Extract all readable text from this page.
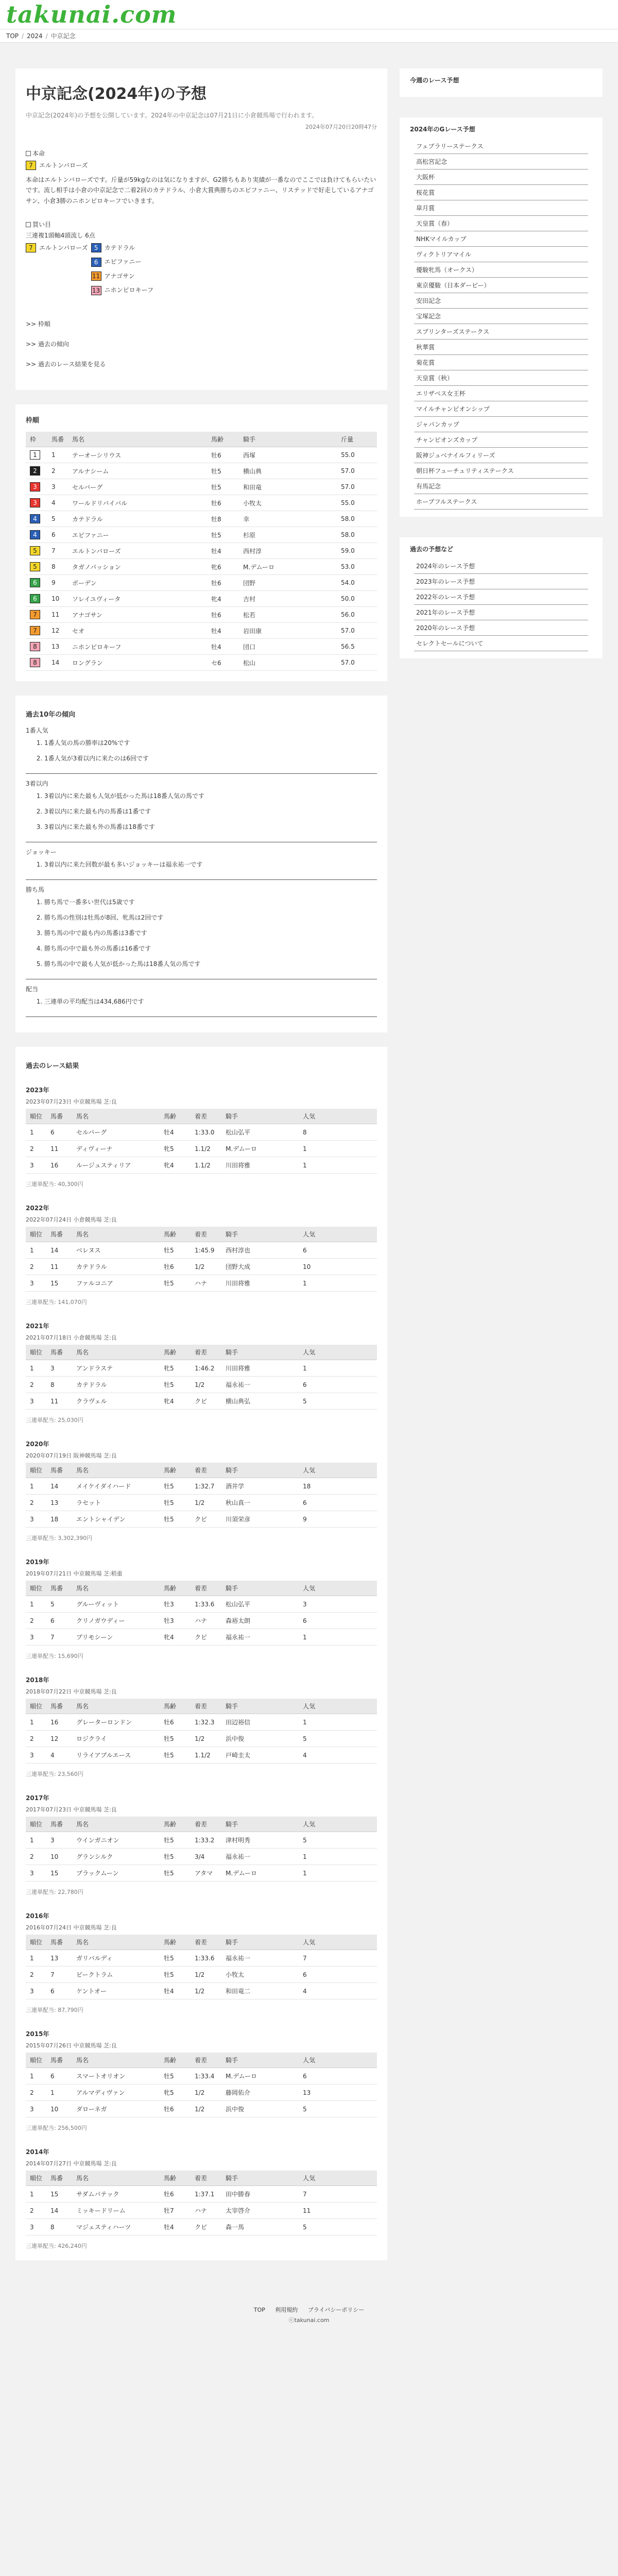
takunai.com
TOP / 2024 / 中京記念
中京記念(2024年)の予想

中京記念(2024年)の予想を公開しています。2024年の中京記念は07月21日に小倉競馬場で行われます。

2024年07月20日20時47分

本命
7 エルトンバローズ

本命はエルトンバローズです。斤量が59kgなのは気になりますが、G2勝ちもあり実績が一番なのでここでは負けてもらいたいです。流し相手は小倉の中京記念で二着2回のカテドラル、小倉大賞典勝ちのエピファニー、リステッドで好走しているアナゴサン、小倉3勝のニホンピロキーフでいきます。

買い目
三連複1頭軸4頭流し 6点
7 エルトンバローズ	5 カテドラル
6 エピファニー
11 アナゴサン
13 ニホンピロキーフ
>> 枠順
>> 過去の傾向
>> 過去のレース結果を見る
枠順
枠	馬番	馬名	馬齢	騎手	斤量
1	1	テーオーシリウス	牡6	西塚	55.0
2	2	アルナシーム	牡5	横山典	57.0
3	3	セルバーグ	牡5	和田竜	57.0
3	4	ワールドリバイバル	牡6	小牧太	55.0
4	5	カテドラル	牡8	幸	58.0
4	6	エピファニー	牡5	杉原	58.0
5	7	エルトンバローズ	牡4	西村淳	59.0
5	8	タガノパッション	牝6	M.デムーロ	53.0
6	9	ボーデン	牡6	団野	54.0
6	10	ソレイユヴィータ	牝4	吉村	50.0
7	11	アナゴサン	牡6	松若	56.0
7	12	セオ	牡4	岩田康	57.0
8	13	ニホンピロキーフ	牡4	団口	56.5
8	14	ロングラン	セ6	松山	57.0
過去10年の傾向
1番人気
1. 1番人気の馬の勝率は20%です
2. 1番人気が3着以内に来たのは6回です
3着以内
1. 3着以内に来た最も人気が低かった馬は18番人気の馬です
2. 3着以内に来た最も内の馬番は1番です
3. 3着以内に来た最も外の馬番は18番です
ジョッキー
1. 3着以内に来た回数が最も多いジョッキーは福永祐一です
勝ち馬
1. 勝ち馬で一番多い世代は5歳です
2. 勝ち馬の性別は牡馬が8回、牝馬は2回です
3. 勝ち馬の中で最も内の馬番は3番です
4. 勝ち馬の中で最も外の馬番は16番です
5. 勝ち馬の中で最も人気が低かった馬は18番人気の馬です
配当
1. 三連単の平均配当は434,686円です
過去のレース結果
2023年
2023年07月23日 中京競馬場 芝:良
順位	馬番	馬名	馬齢	着差	騎手	人気
1	6	セルバーグ	牡4	1:33.0	松山弘平	8
2	11	ディヴィーナ	牝5	1.1/2	M.デムーロ	1
3	16	ルージュスティリア	牝4	1.1/2	川田将雅	1
三連単配当: 40,300円
2022年
2022年07月24日 小倉競馬場 芝:良
順位	馬番	馬名	馬齢	着差	騎手	人気
1	14	ベレヌス	牡5	1:45.9	西村淳也	6
2	11	カテドラル	牡6	1/2	団野大成	10
3	15	ファルコニア	牡5	ハナ	川田将雅	1
三連単配当: 141,070円
2021年
2021年07月18日 小倉競馬場 芝:良
順位	馬番	馬名	馬齢	着差	騎手	人気
1	3	アンドラステ	牝5	1:46.2	川田将雅	1
2	8	カテドラル	牡5	1/2	福永祐一	6
3	11	クラヴェル	牝4	クビ	横山典弘	5
三連単配当: 25,030円
2020年
2020年07月19日 阪神競馬場 芝:良
順位	馬番	馬名	馬齢	着差	騎手	人気
1	14	メイケイダイハード	牡5	1:32.7	酒井学	18
2	13	ラセット	牡5	1/2	秋山真一	6
3	18	エントシャイデン	牡5	クビ	川須栄彦	9
三連単配当: 3,302,390円
2019年
2019年07月21日 中京競馬場 芝:稍重
順位	馬番	馬名	馬齢	着差	騎手	人気
1	5	グルーヴィット	牡3	1:33.6	松山弘平	3
2	6	クリノガウディー	牡3	ハナ	森裕太朗	6
3	7	プリモシーン	牝4	クビ	福永祐一	1
三連単配当: 15,690円
2018年
2018年07月22日 中京競馬場 芝:良
順位	馬番	馬名	馬齢	着差	騎手	人気
1	16	グレーターロンドン	牡6	1:32.3	田辺裕信	1
2	12	ロジクライ	牡5	1/2	浜中俊	5
3	4	リライアブルエース	牡5	1.1/2	戸崎圭太	4
三連単配当: 23,560円
2017年
2017年07月23日 中京競馬場 芝:良
順位	馬番	馬名	馬齢	着差	騎手	人気
1	3	ウインガニオン	牡5	1:33.2	津村明秀	5
2	10	グランシルク	牡5	3/4	福永祐一	1
3	15	ブラックムーン	牡5	アタマ	M.デムーロ	1
三連単配当: 22,780円
2016年
2016年07月24日 中京競馬場 芝:良
順位	馬番	馬名	馬齢	着差	騎手	人気
1	13	ガリバルディ	牡5	1:33.6	福永祐一	7
2	7	ピークトラム	牡5	1/2	小牧太	6
3	6	ケントオー	牡4	1/2	和田竜二	4
三連単配当: 87,790円
2015年
2015年07月26日 中京競馬場 芝:良
順位	馬番	馬名	馬齢	着差	騎手	人気
1	6	スマートオリオン	牡5	1:33.4	M.デムーロ	6
2	1	アルマディヴァン	牝5	1/2	藤岡佑介	13
3	10	ダローネガ	牡6	1/2	浜中俊	5
三連単配当: 256,500円
2014年
2014年07月27日 中京競馬場 芝:良
順位	馬番	馬名	馬齢	着差	騎手	人気
1	15	サダムパテック	牡6	1:37.1	田中勝春	7
2	14	ミッキードリーム	牡7	ハナ	太宰啓介	11
3	8	マジェスティハーツ	牡4	クビ	森一馬	5
三連単配当: 426,240円
今週のレース予想
2024年のGレース予想
フェブラリーステークス
高松宮記念
大阪杯
桜花賞
皐月賞
天皇賞（春）
NHKマイルカップ
ヴィクトリアマイル
優駿牝馬（オークス）
東京優駿（日本ダービー）
安田記念
宝塚記念
スプリンターズステークス
秋華賞
菊花賞
天皇賞（秋）
エリザベス女王杯
マイルチャンピオンシップ
ジャパンカップ
チャンピオンズカップ
阪神ジュベナイルフィリーズ
朝日杯フューチュリティステークス
有馬記念
ホープフルステークス
過去の予想など
2024年のレース予想
2023年のレース予想
2022年のレース予想
2021年のレース予想
2020年のレース予想
セレクトセールについて
TOP 利用規約 プライバシーポリシー
ⓒtakunai.com
